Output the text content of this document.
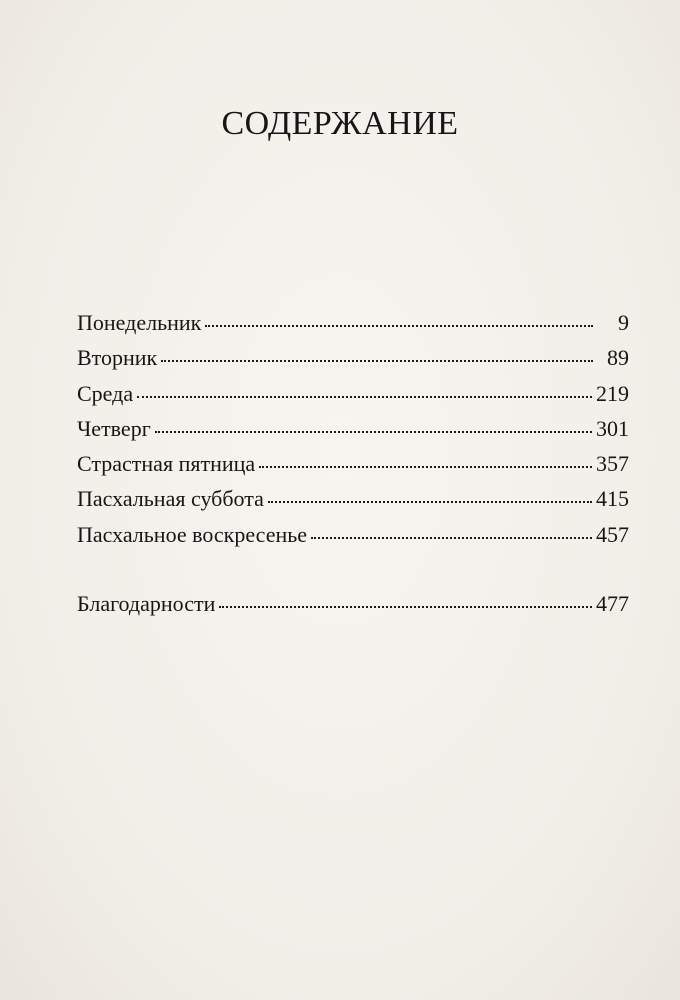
СОДЕРЖАНИЕ
Понедельник	9
Вторник	89
Среда	219
Четверг	301
Страстная пятница	357
Пасхальная суббота	415
Пасхальное воскресенье	457
Благодарности	477
